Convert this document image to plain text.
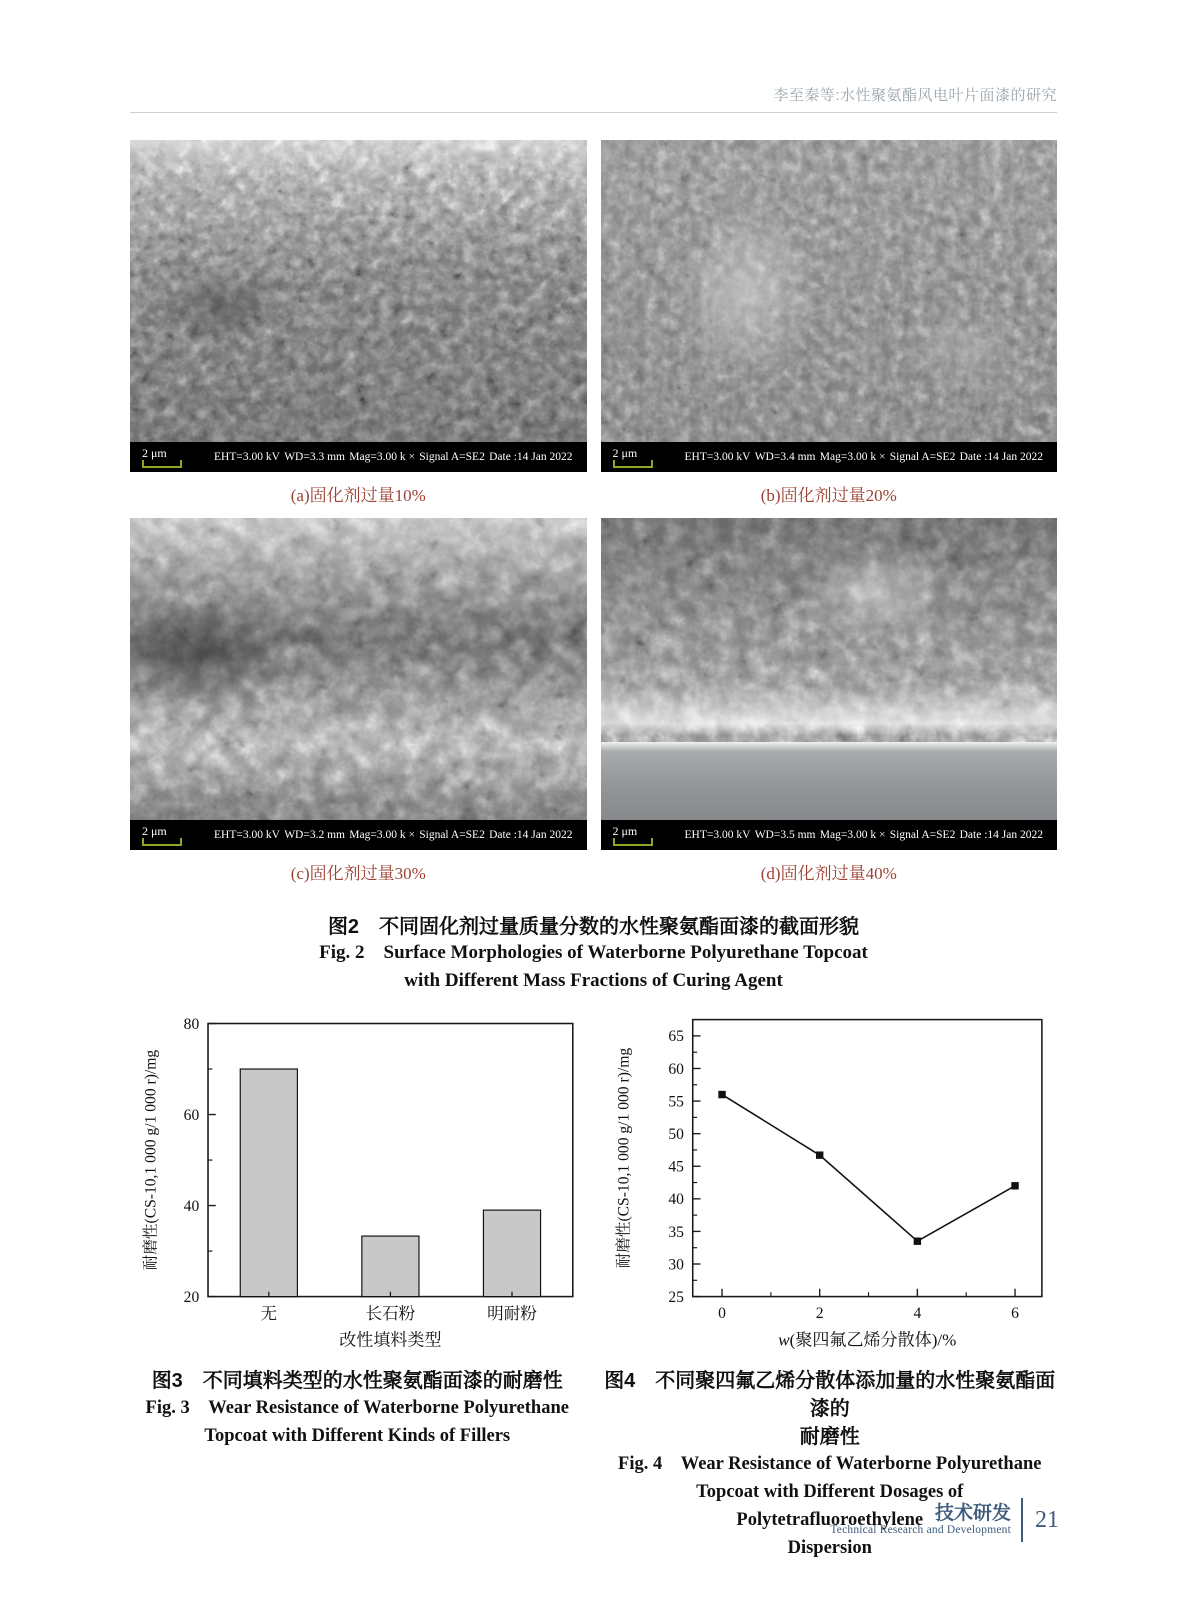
李至秦等:水性聚氨酯风电叶片面漆的研究
2 μm	EHT=3.00 kV WD=3.3 mm Mag=3.00 k × Signal A=SE2 Date :14 Jan 2022
(a)固化剂过量10%
2 μm	EHT=3.00 kV WD=3.4 mm Mag=3.00 k × Signal A=SE2 Date :14 Jan 2022
(b)固化剂过量20%
2 μm	EHT=3.00 kV WD=3.2 mm Mag=3.00 k × Signal A=SE2 Date :14 Jan 2022
(c)固化剂过量30%
2 μm	EHT=3.00 kV WD=3.5 mm Mag=3.00 k × Signal A=SE2 Date :14 Jan 2022
(d)固化剂过量40%
图2　不同固化剂过量质量分数的水性聚氨酯面漆的截面形貌
Fig. 2　Surface Morphologies of Waterborne Polyurethane Topcoat
with Different Mass Fractions of Curing Agent
20
40
60
80
无	长石粉	明耐粉
耐磨性(CS-10,1 000 g/1 000 r)/mg
改性填料类型
图3　不同填料类型的水性聚氨酯面漆的耐磨性
Fig. 3　Wear Resistance of Waterborne Polyurethane
Topcoat with Different Kinds of Fillers
25
30
35
40
45
50
55
60
65
0	2	4	6
耐磨性(CS-10,1 000 g/1 000 r)/mg
w(聚四氟乙烯分散体)/%
图4　不同聚四氟乙烯分散体添加量的水性聚氨酯面漆的
耐磨性
Fig. 4　Wear Resistance of Waterborne Polyurethane
Topcoat with Different Dosages of Polytetrafluoroethylene
Dispersion
技术研发
Technical Research and Development 21
